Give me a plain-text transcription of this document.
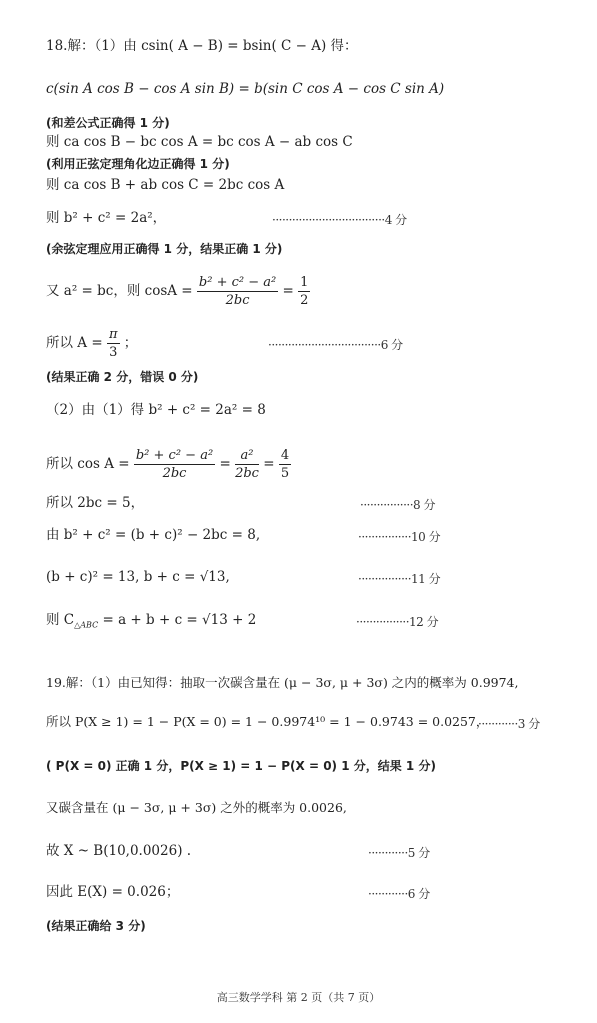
18.解：（1）由 csin( A − B) = bsin( C − A) 得：
c(sin A cos B − cos A sin B) = b(sin C cos A − cos C sin A)
(和差公式正确得 1 分)
则 ca cos B − bc cos A = bc cos A − ab cos C
(利用正弦定理角化边正确得 1 分)
则 ca cos B + ab cos C = 2bc cos A
则 b² + c² = 2a²，	··································4 分
(余弦定理应用正确得 1 分，结果正确 1 分)
又 a² = bc，则 $\cos A = \frac{\text{b² + c² − a²}}{2bc} = \frac{1}{2}$
所以 $A = \frac{\pi}{3}$ ；	··································6 分
(结果正确 2 分，错误 0 分)
（2）由（1）得 b² + c² = 2a² = 8
所以 $\cos A = \frac{\text{b² + c² − a²}}{2bc} = \frac{\text{a²}}{2bc} = \frac{4}{5}$
所以 2bc = 5，	················8 分
由 b² + c² = (b + c)² − 2bc = 8,	················10 分
(b + c)² = 13, b + c = √13,	················11 分
则 $C_{\triangle ABC} = a + b + c = √13 + 2$	················12 分
19.解：（1）由已知得：抽取一次碳含量在 (μ − 3σ, μ + 3σ) 之内的概率为 0.9974,
所以 P(X ≥ 1) = 1 − P(X = 0) = 1 − 0.9974¹⁰ = 1 − 0.9743 = 0.0257，
············3 分
( P(X = 0) 正确 1 分，P(X ≥ 1) = 1 − P(X = 0) 1 分，结果 1 分)
又碳含量在 (μ − 3σ, μ + 3σ) 之外的概率为 0.0026,
故 X ~ B(10,0.0026) .	············5 分
因此 E(X) = 0.026；	············6 分
(结果正确给 3 分)
高三数学学科 第 2 页（共 7 页）
